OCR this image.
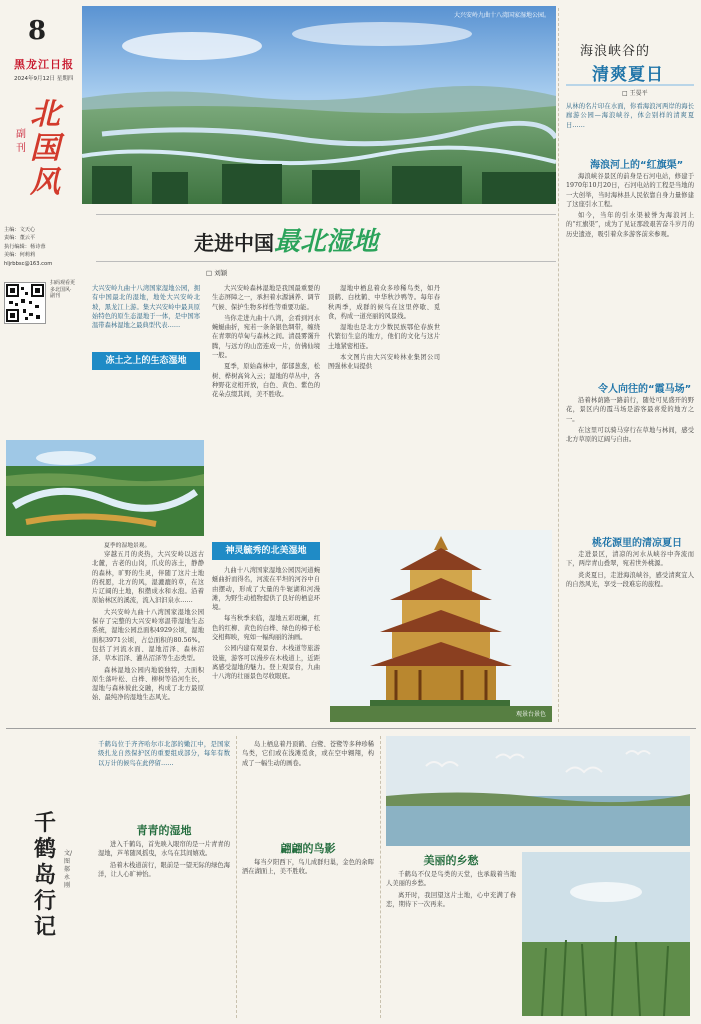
8
黑龙江日报
2024年9月12日 星期四
副刊
北国风
主编：文天心
责编：董云平
执行编辑：杨诗蓉
美编：何莉莉
hljrbbsc@163.com
扫码观看更多北国风·副刊
大兴安岭九曲十八湾国家湿地公园。
走进中国最北湿地
□ 刘颖
大兴安岭九曲十八湾国家湿地公园，拥有中国最北的湿地，地处大兴安岭北坡，黑龙江上游。集大兴安岭中最具原始特色的原生态湿地于一体，是中国寒温带森林湿地之最典型代表……
冻土之上的生态湿地
夏季的湿地景观。

穿越五月的炎热，大兴安岭以远古北麓，古老的山岗，爪皮的冻土，静静的森林，旷野的生灵，伴随了这片土地的祝愿，北方的风，湿漉漉的草，在这片辽阔的土地，积攒成水和水泡。沿着原始林区的溪流，流入汩汩泉水……

大兴安岭九曲十八湾国家湿地公园保存了完整的大兴安岭寒温带湿地生态系统，湿地公园总面积4929公顷，湿地面积3971公顷，占总面积的80.56%。包括了河流水面、湿地沼泽、森林沼泽、草本沼泽、灌丛沼泽等生态类型。

森林湿地公园内地貌独特，大面积原生落叶松、白桦、柳树等沿河生长，湿地与森林彼此交融，构成了北方最原始、最纯净的湿地生态风光。

大兴安岭森林湿地是我国最重要的生态屏障之一，承担着水源涵养、调节气候、保护生物多样性等重要功能。

当你走进九曲十八湾，会看到河水蜿蜒曲折，宛若一条条银色绸带，缠绕在青翠的草甸与森林之间。清晨雾霭升腾，与远方的山峦连成一片，仿佛仙境一般。

夏季，原始森林中，郁郁葱葱，松树、桦树高耸入云；湿地的草丛中，各种野花竞相开放，白色、黄色、紫色的花朵点缀其间，美不胜收。

神灵毓秀的北美湿地

九曲十八湾国家湿地公园因河道蜿蜒曲折而得名，河流在平坦的河谷中自由摆动，形成了大量的牛轭湖和河漫滩，为野生动植物提供了良好的栖息环境。

每当秋季来临，湿地五彩斑斓，红色的红柳、黄色的白桦、绿色的樟子松交相辉映，宛如一幅绚丽的油画。

公园内建有观景台、木栈道等旅游设施，游客可以漫步在木栈道上，近距离感受湿地的魅力。登上观景台，九曲十八湾的壮丽景色尽收眼底。

湿地中栖息着众多珍稀鸟类，如丹顶鹤、白枕鹤、中华秋沙鸭等。每年春秋两季，成群的候鸟在这里停歇、觅食，构成一道亮丽的风景线。

湿地也是北方少数民族鄂伦春族世代繁衍生息的地方，他们的文化与这片土地紧密相连。

本文图片由大兴安岭林业集团公司图强林业局提供

观景台景色
海浪峡谷的
清爽夏日
□ 王晏平
从林的名片印在水面，你看海浪河两岸的海长廊游公园—海浪峡谷，体会别样的清爽夏日……
海浪河上的“红旗渠”

海浪峡谷景区的前身是石河电站，修建于1970年10月20日，石河电站的工程是当地的一大创举，当时海林县人民依靠自身力量修建了这座引水工程。

如今，当年的引水渠被誉为海浪河上的“红旗渠”，成为了见证那段艰苦奋斗岁月的历史遗迹，吸引着众多游客前来参观。

令人向往的“霞马场”

沿着林荫路一路前行，随处可见盛开的野花，景区内的霞马场是游客最喜爱的地方之一。

在这里可以骑马穿行在草地与林间，感受北方草原的辽阔与自由。

桃花源里的清凉夏日

走进景区，清凉的河水从峡谷中奔流而下，两岸青山叠翠，宛若世外桃源。

炎炎夏日，走进海浪峡谷，感受清爽宜人的自然风光，享受一段难忘的旅程。

千鹤岛行记
文/图 郝永刚
千鹤岛位于齐齐哈尔市北部的嫩江中，是国家级扎龙自然保护区的重要组成部分，每年有数以万计的候鸟在此停留……
青青的湿地

进入千鹤岛，首先映入眼帘的是一片青青的湿地，芦苇随风摇曳，水鸟在其间嬉戏。

沿着木栈道前行，眼前是一望无际的绿色海洋，让人心旷神怡。

翩翩的鸟影

岛上栖息着丹顶鹤、白鹭、苍鹭等多种珍稀鸟类，它们或在浅滩觅食，或在空中翱翔，构成了一幅生动的画卷。

每当夕阳西下，鸟儿成群归巢，金色的余晖洒在湖面上，美不胜收。

美丽的乡愁

千鹤岛不仅是鸟类的天堂，也承载着当地人美丽的乡愁。

离开时，我回望这片土地，心中充满了眷恋，期待下一次再来。
